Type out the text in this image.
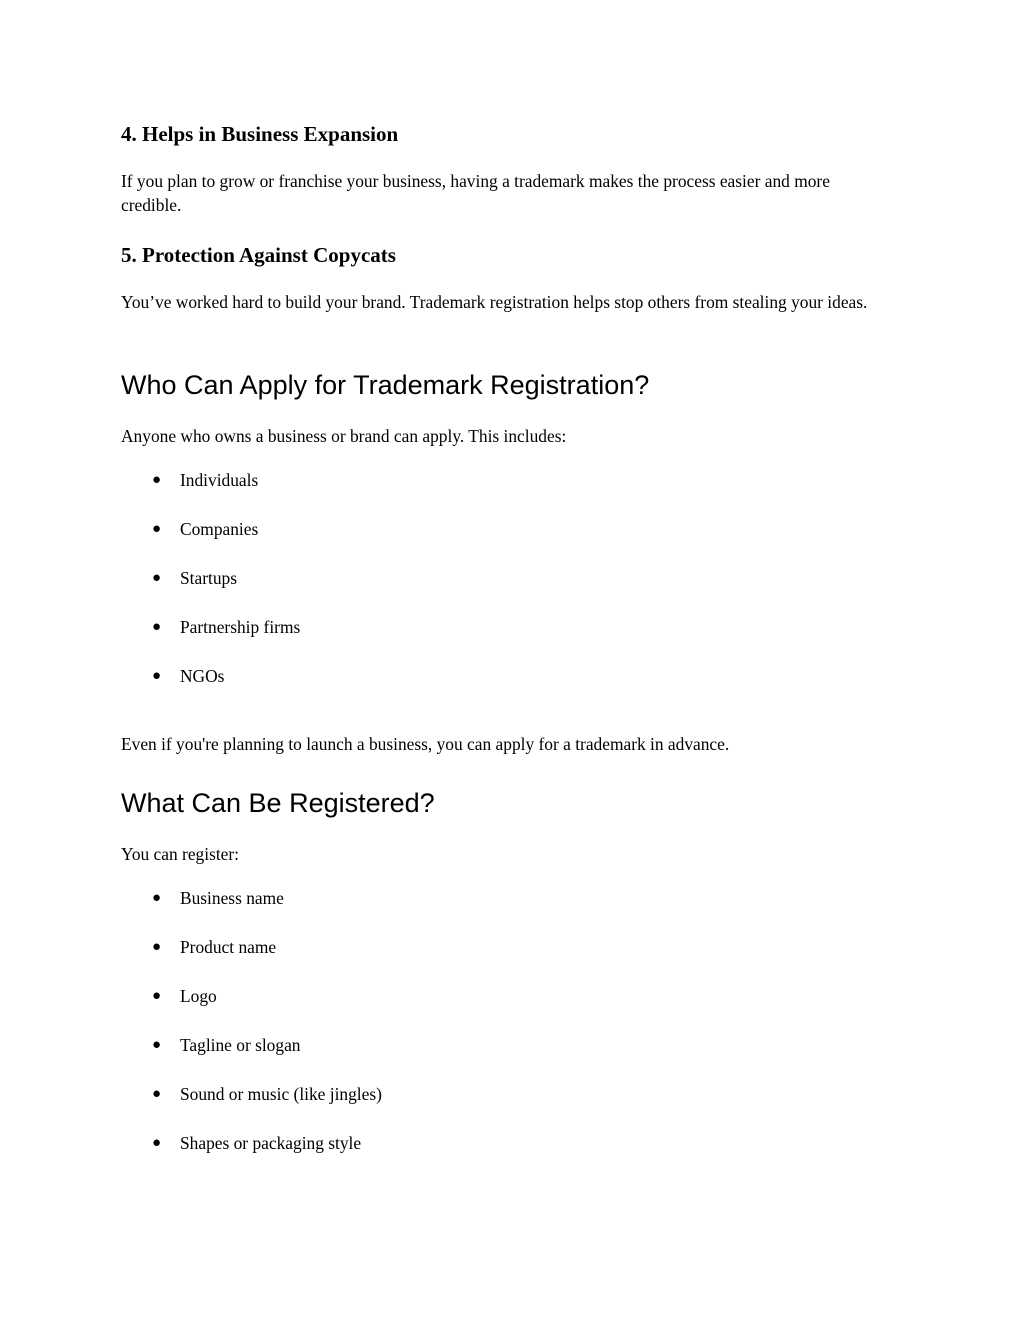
4. Helps in Business Expansion

If you plan to grow or franchise your business, having a trademark makes the process easier and more credible.

5. Protection Against Copycats

You’ve worked hard to build your brand. Trademark registration helps stop others from stealing your ideas.

Who Can Apply for Trademark Registration?

Anyone who owns a business or brand can apply. This includes:

● Individuals
● Companies
● Startups
● Partnership firms
● NGOs

Even if you're planning to launch a business, you can apply for a trademark in advance.

What Can Be Registered?

You can register:

● Business name
● Product name
● Logo
● Tagline or slogan
● Sound or music (like jingles)
● Shapes or packaging style
